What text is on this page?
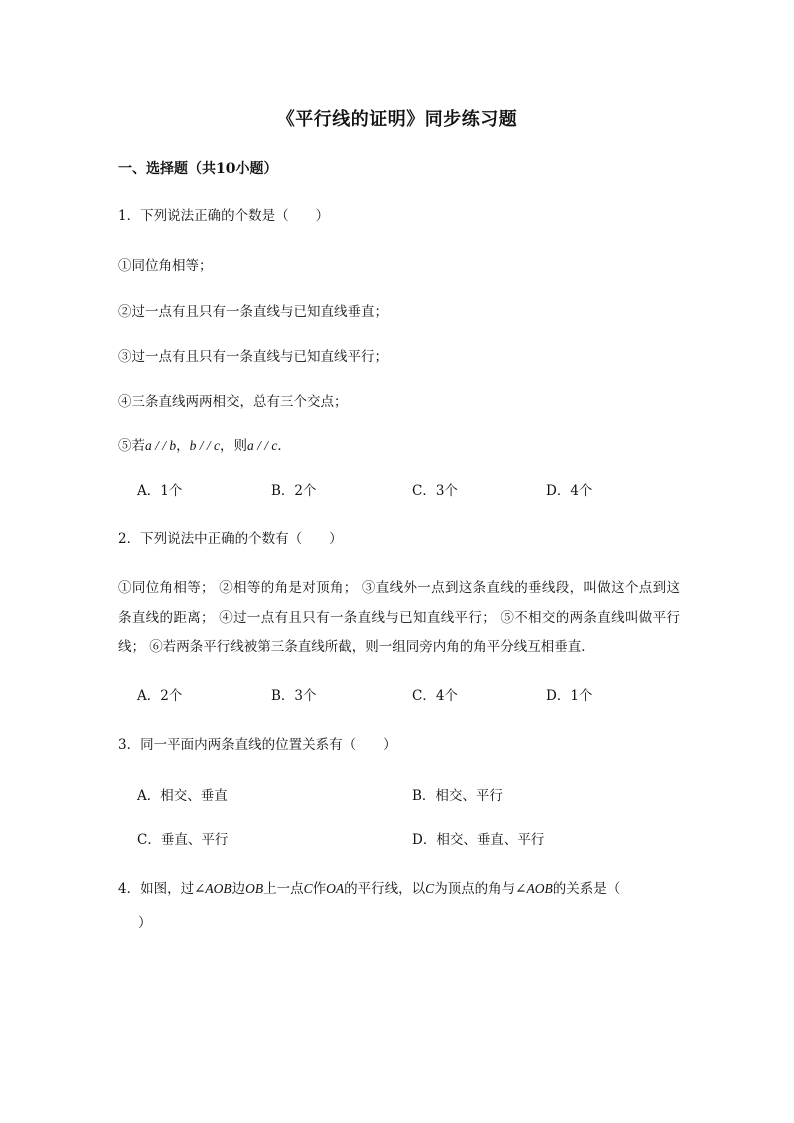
《平行线的证明》同步练习题
一、选择题（共10小题）
1．下列说法正确的个数是（　　）
①同位角相等；
②过一点有且只有一条直线与已知直线垂直；
③过一点有且只有一条直线与已知直线平行；
④三条直线两两相交，总有三个交点；
⑤若a / / b，b / / c，则a / / c．
A．1个	B．2个	C．3个	D．4个
2．下列说法中正确的个数有（　　）
①同位角相等； ②相等的角是对顶角； ③直线外一点到这条直线的垂线段，叫做这个点到这条直线的距离； ④过一点有且只有一条直线与已知直线平行； ⑤不相交的两条直线叫做平行线； ⑥若两条平行线被第三条直线所截，则一组同旁内角的角平分线互相垂直．
A．2个	B．3个	C．4个	D．1个
3．同一平面内两条直线的位置关系有（　　）
A．相交、垂直	B．相交、平行
C．垂直、平行	D．相交、垂直、平行
4．如图，过∠AOB边OB上一点C作OA的平行线，以C为顶点的角与∠AOB的关系是（
）
